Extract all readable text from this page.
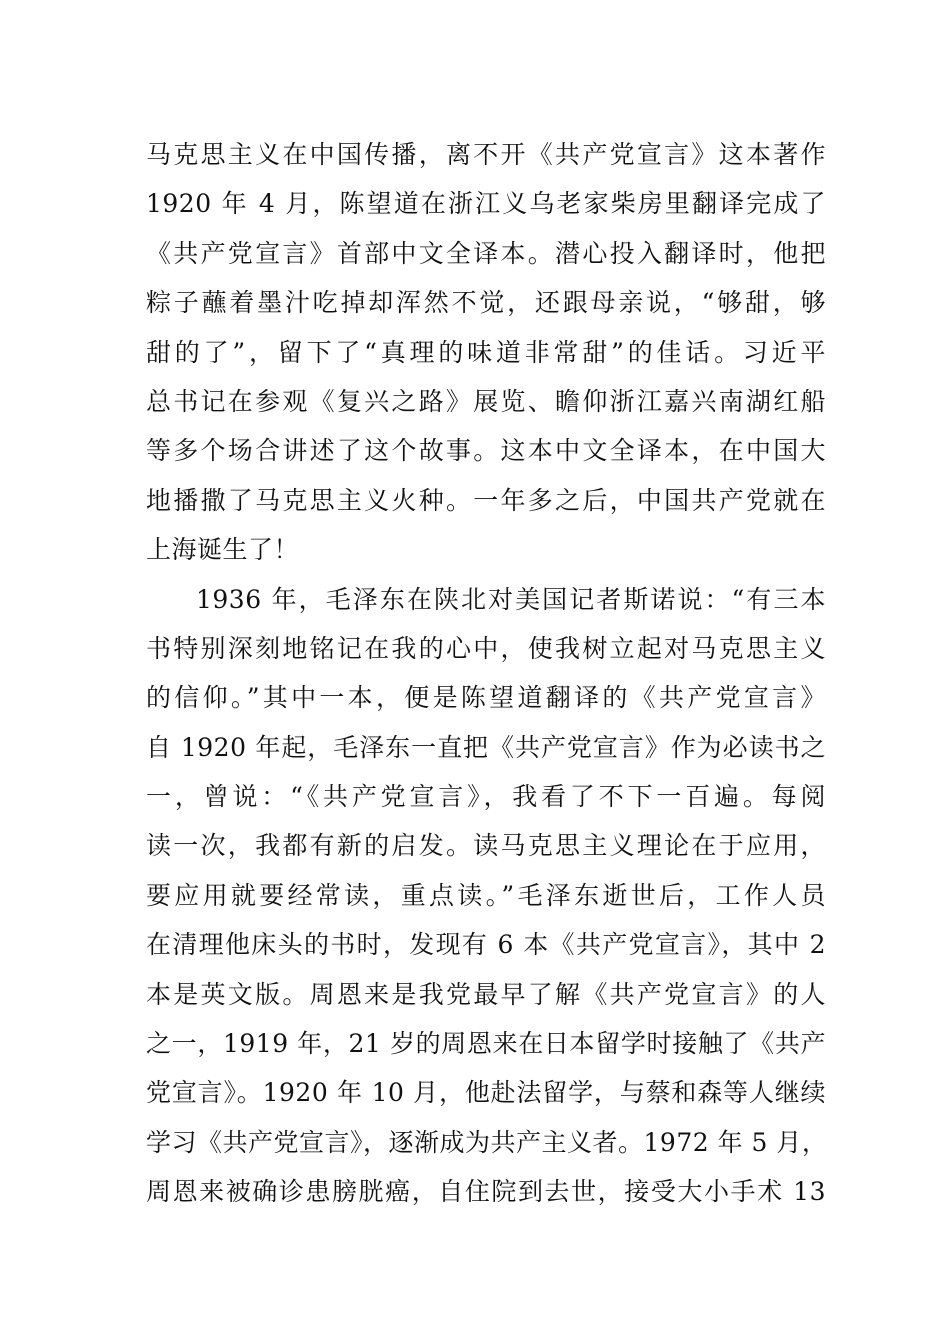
马克思主义在中国传播，离不开《共产党宣言》这本著作
1920 年 4 月，陈望道在浙江义乌老家柴房里翻译完成了
《共产党宣言》首部中文全译本。潜心投入翻译时，他把
粽子蘸着墨汁吃掉却浑然不觉，还跟母亲说，“够甜，够
甜的了”，留下了“真理的味道非常甜”的佳话。习近平
总书记在参观《复兴之路》展览、瞻仰浙江嘉兴南湖红船
等多个场合讲述了这个故事。这本中文全译本，在中国大
地播撒了马克思主义火种。一年多之后，中国共产党就在
上海诞生了！
1936 年，毛泽东在陕北对美国记者斯诺说：“有三本
书特别深刻地铭记在我的心中，使我树立起对马克思主义
的信仰。”其中一本，便是陈望道翻译的《共产党宣言》
自 1920 年起，毛泽东一直把《共产党宣言》作为必读书之
一，曾说：“《共产党宣言》，我看了不下一百遍。每阅
读一次，我都有新的启发。读马克思主义理论在于应用，
要应用就要经常读，重点读。”毛泽东逝世后，工作人员
在清理他床头的书时，发现有 6 本《共产党宣言》，其中 2
本是英文版。周恩来是我党最早了解《共产党宣言》的人
之一，1919 年，21 岁的周恩来在日本留学时接触了《共产
党宣言》。1920 年 10 月，他赴法留学，与蔡和森等人继续
学习《共产党宣言》，逐渐成为共产主义者。1972 年 5 月，
周恩来被确诊患膀胱癌，自住院到去世，接受大小手术 13
